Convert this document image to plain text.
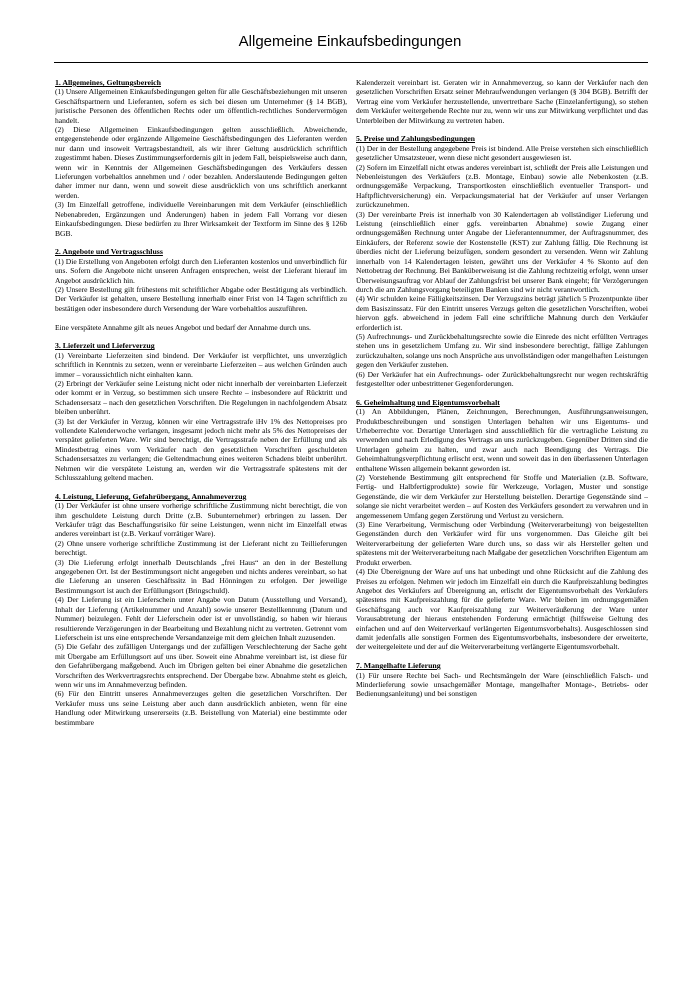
Allgemeine Einkaufsbedingungen
1. Allgemeines, Geltungsbereich

(1) Unsere Allgemeinen Einkaufsbedingungen gelten für alle Geschäftsbeziehungen mit unseren Geschäftspartnern und Lieferanten, sofern es sich bei diesen um Unternehmer (§ 14 BGB), juristische Personen des öffentlichen Rechts oder um öffentlich-rechtliches Sondervermögen handelt.

(2) Diese Allgemeinen Einkaufsbedingungen gelten ausschließlich. Abweichende, entgegenstehende oder ergänzende Allgemeine Geschäftsbedingungen des Lieferanten werden nur dann und insoweit Vertragsbestandteil, als wir ihrer Geltung ausdrücklich schriftlich zugestimmt haben. Dieses Zustimmungserfordernis gilt in jedem Fall, beispielsweise auch dann, wenn wir in Kenntnis der Allgemeinen Geschäftsbedingungen des Verkäufers dessen Lieferungen vorbehaltlos annehmen und / oder bezahlen. Anderslautende Bedingungen gelten daher immer nur dann, wenn und soweit diese ausdrücklich von uns schriftlich anerkannt werden.

(3) Im Einzelfall getroffene, individuelle Vereinbarungen mit dem Verkäufer (einschließlich Nebenabreden, Ergänzungen und Änderungen) haben in jedem Fall Vorrang vor diesen Einkaufsbedingungen. Diese bedürfen zu Ihrer Wirksamkeit der Textform im Sinne des § 126b BGB.

2. Angebote und Vertragsschluss

(1) Die Erstellung von Angeboten erfolgt durch den Lieferanten kostenlos und unverbindlich für uns. Sofern die Angebote nicht unseren Anfragen entsprechen, weist der Lieferant hierauf im Angebot ausdrücklich hin.

(2) Unsere Bestellung gilt frühestens mit schriftlicher Abgabe oder Bestätigung als verbindlich. Der Verkäufer ist gehalten, unsere Bestellung innerhalb einer Frist von 14 Tagen schriftlich zu bestätigen oder insbesondere durch Versendung der Ware vorbehaltlos auszuführen.

Eine verspätete Annahme gilt als neues Angebot und bedarf der Annahme durch uns.

3. Lieferzeit und Lieferverzug

(1) Vereinbarte Lieferzeiten sind bindend. Der Verkäufer ist verpflichtet, uns unverzüglich schriftlich in Kenntnis zu setzen, wenn er vereinbarte Lieferzeiten – aus welchen Gründen auch immer – voraussichtlich nicht einhalten kann.

(2) Erbringt der Verkäufer seine Leistung nicht oder nicht innerhalb der vereinbarten Lieferzeit oder kommt er in Verzug, so bestimmen sich unsere Rechte – insbesondere auf Rücktritt und Schadensersatz – nach den gesetzlichen Vorschriften. Die Regelungen in nachfolgendem Absatz bleiben unberührt.

(3) Ist der Verkäufer in Verzug, können wir eine Vertragsstrafe iHv 1% des Nettopreises pro vollendete Kalenderwoche verlangen, insgesamt jedoch nicht mehr als 5% des Nettopreises der verspätet gelieferten Ware. Wir sind berechtigt, die Vertragsstrafe neben der Erfüllung und als Mindestbetrag eines vom Verkäufer nach den gesetzlichen Vorschriften geschuldeten Schadensersatzes zu verlangen; die Geltendmachung eines weiteren Schadens bleibt unberührt. Nehmen wir die verspätete Leistung an, werden wir die Vertragsstrafe spätestens mit der Schlusszahlung geltend machen.

4. Leistung, Lieferung, Gefahrübergang, Annahmeverzug

(1) Der Verkäufer ist ohne unsere vorherige schriftliche Zustimmung nicht berechtigt, die von ihm geschuldete Leistung durch Dritte (z.B. Subunternehmer) erbringen zu lassen. Der Verkäufer trägt das Beschaffungsrisiko für seine Leistungen, wenn nicht im Einzelfall etwas anderes vereinbart ist (z.B. Verkauf vorrätiger Ware).

(2) Ohne unsere vorherige schriftliche Zustimmung ist der Lieferant nicht zu Teillieferungen berechtigt.

(3) Die Lieferung erfolgt innerhalb Deutschlands „frei Haus“ an den in der Bestellung angegebenen Ort. Ist der Bestimmungsort nicht angegeben und nichts anderes vereinbart, so hat die Lieferung an unseren Geschäftssitz in Bad Hönningen zu erfolgen. Der jeweilige Bestimmungsort ist auch der Erfüllungsort (Bringschuld).

(4) Der Lieferung ist ein Lieferschein unter Angabe von Datum (Ausstellung und Versand), Inhalt der Lieferung (Artikelnummer und Anzahl) sowie unserer Bestellkennung (Datum und Nummer) beizulegen. Fehlt der Lieferschein oder ist er unvollständig, so haben wir hieraus resultierende Verzögerungen in der Bearbeitung und Bezahlung nicht zu vertreten. Getrennt vom Lieferschein ist uns eine entsprechende Versandanzeige mit dem gleichen Inhalt zuzusenden.

(5) Die Gefahr des zufälligen Untergangs und der zufälligen Verschlechterung der Sache geht mit Übergabe am Erfüllungsort auf uns über. Soweit eine Abnahme vereinbart ist, ist diese für den Gefahrübergang maßgebend. Auch im Übrigen gelten bei einer Abnahme die gesetzlichen Vorschriften des Werkvertragsrechts entsprechend. Der Übergabe bzw. Abnahme steht es gleich, wenn wir uns im Annahmeverzug befinden.

(6) Für den Eintritt unseres Annahmeverzuges gelten die gesetzlichen Vorschriften. Der Verkäufer muss uns seine Leistung aber auch dann ausdrücklich anbieten, wenn für eine Handlung oder Mitwirkung unsererseits (z.B. Beistellung von Material) eine bestimmte oder bestimmbare

Kalenderzeit vereinbart ist. Geraten wir in Annahmeverzug, so kann der Verkäufer nach den gesetzlichen Vorschriften Ersatz seiner Mehraufwendungen verlangen (§ 304 BGB). Betrifft der Vertrag eine vom Verkäufer herzustellende, unvertretbare Sache (Einzelanfertigung), so stehen dem Verkäufer weitergehende Rechte nur zu, wenn wir uns zur Mitwirkung verpflichtet und das Unterbleiben der Mitwirkung zu vertreten haben.

5. Preise und Zahlungsbedingungen

(1) Der in der Bestellung angegebene Preis ist bindend. Alle Preise verstehen sich einschließlich gesetzlicher Umsatzsteuer, wenn diese nicht gesondert ausgewiesen ist.

(2) Sofern im Einzelfall nicht etwas anderes vereinbart ist, schließt der Preis alle Leistungen und Nebenleistungen des Verkäufers (z.B. Montage, Einbau) sowie alle Nebenkosten (z.B. ordnungsgemäße Verpackung, Transportkosten einschließlich eventueller Transport- und Haftpflichtversicherung) ein. Verpackungsmaterial hat der Verkäufer auf unser Verlangen zurückzunehmen.

(3) Der vereinbarte Preis ist innerhalb von 30 Kalendertagen ab vollständiger Lieferung und Leistung (einschließlich einer ggfs. vereinbarten Abnahme) sowie Zugang einer ordnungsgemäßen Rechnung unter Angabe der Lieferantennummer, der Auftragsnummer, des Einkäufers, der Referenz sowie der Kostenstelle (KST) zur Zahlung fällig. Die Rechnung ist überdies nicht der Lieferung beizufügen, sondern gesondert zu versenden. Wenn wir Zahlung innerhalb von 14 Kalendertagen leisten, gewährt uns der Verkäufer 4 % Skonto auf den Nettobetrag der Rechnung. Bei Banküberweisung ist die Zahlung rechtzeitig erfolgt, wenn unser Überweisungsauftrag vor Ablauf der Zahlungsfrist bei unserer Bank eingeht; für Verzögerungen durch die am Zahlungsvorgang beteiligten Banken sind wir nicht verantwortlich.

(4) Wir schulden keine Fälligkeitszinsen. Der Verzugszins beträgt jährlich 5 Prozentpunkte über dem Basiszinssatz. Für den Eintritt unseres Verzugs gelten die gesetzlichen Vorschriften, wobei hiervon ggfs. abweichend in jedem Fall eine schriftliche Mahnung durch den Verkäufer erforderlich ist.

(5) Aufrechnungs- und Zurückbehaltungsrechte sowie die Einrede des nicht erfüllten Vertrages stehen uns in gesetzlichem Umfang zu. Wir sind insbesondere berechtigt, fällige Zahlungen zurückzuhalten, solange uns noch Ansprüche aus unvollständigen oder mangelhaften Leistungen gegen den Verkäufer zustehen.

(6) Der Verkäufer hat ein Aufrechnungs- oder Zurückbehaltungsrecht nur wegen rechtskräftig festgestellter oder unbestrittener Gegenforderungen.

6. Geheimhaltung und Eigentumsvorbehalt

(1) An Abbildungen, Plänen, Zeichnungen, Berechnungen, Ausführungsanweisungen, Produktbeschreibungen und sonstigen Unterlagen behalten wir uns Eigentums- und Urheberrechte vor. Derartige Unterlagen sind ausschließlich für die vertragliche Leistung zu verwenden und nach Erledigung des Vertrags an uns zurückzugeben. Gegenüber Dritten sind die Unterlagen geheim zu halten, und zwar auch nach Beendigung des Vertrags. Die Geheimhaltungsverpflichtung erlischt erst, wenn und soweit das in den überlassenen Unterlagen enthaltene Wissen allgemein bekannt geworden ist.

(2) Vorstehende Bestimmung gilt entsprechend für Stoffe und Materialien (z.B. Software, Fertig- und Halbfertigprodukte) sowie für Werkzeuge, Vorlagen, Muster und sonstige Gegenstände, die wir dem Verkäufer zur Herstellung beistellen. Derartige Gegenstände sind – solange sie nicht verarbeitet werden – auf Kosten des Verkäufers gesondert zu verwahren und in angemessenem Umfang gegen Zerstörung und Verlust zu versichern.

(3) Eine Verarbeitung, Vermischung oder Verbindung (Weiterverarbeitung) von beigestellten Gegenständen durch den Verkäufer wird für uns vorgenommen. Das Gleiche gilt bei Weiterverarbeitung der gelieferten Ware durch uns, so dass wir als Hersteller gelten und spätestens mit der Weiterverarbeitung nach Maßgabe der gesetzlichen Vorschriften Eigentum am Produkt erwerben.

(4) Die Übereignung der Ware auf uns hat unbedingt und ohne Rücksicht auf die Zahlung des Preises zu erfolgen. Nehmen wir jedoch im Einzelfall ein durch die Kaufpreiszahlung bedingtes Angebot des Verkäufers auf Übereignung an, erlischt der Eigentumsvorbehalt des Verkäufers spätestens mit Kaufpreiszahlung für die gelieferte Ware. Wir bleiben im ordnungsgemäßen Geschäftsgang auch vor Kaufpreiszahlung zur Weiterveräußerung der Ware unter Vorausabtretung der hieraus entstehenden Forderung ermächtigt (hilfsweise Geltung des einfachen und auf den Weiterverkauf verlängerten Eigentumsvorbehalts). Ausgeschlossen sind damit jedenfalls alle sonstigen Formen des Eigentumsvorbehalts, insbesondere der erweiterte, der weitergeleitete und der auf die Weiterverarbeitung verlängerte Eigentumsvorbehalt.

7. Mangelhafte Lieferung

(1) Für unsere Rechte bei Sach- und Rechtsmängeln der Ware (einschließlich Falsch- und Minderlieferung sowie unsachgemäßer Montage, mangelhafter Montage-, Betriebs- oder Bedienungsanleitung) und bei sonstigen
